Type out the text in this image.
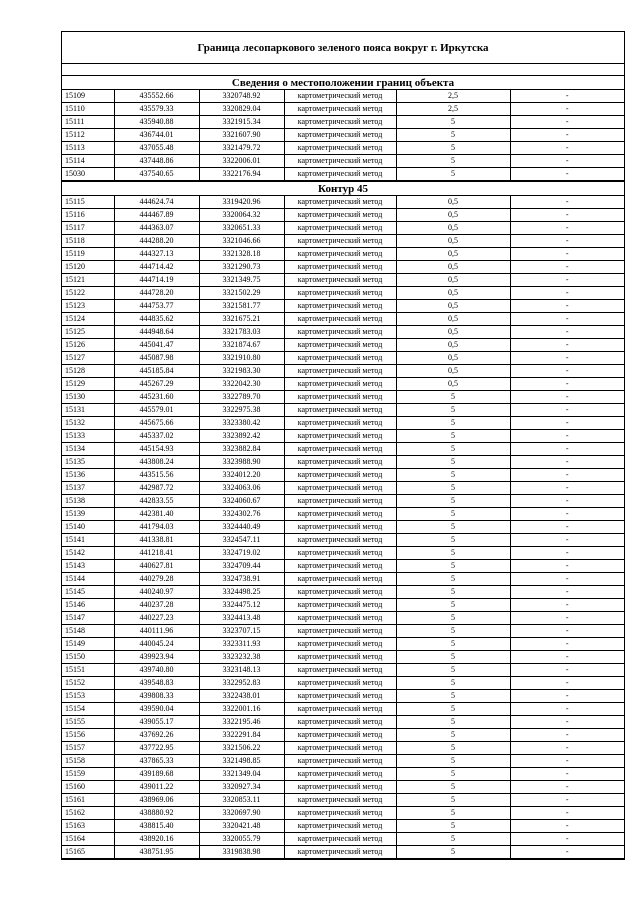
Граница лесопаркового зеленого пояса вокруг г. Иркутска
Сведения о местоположении границ объекта
15109	435552.66	3320748.92	картометрический метод	2,5	-
15110	435579.33	3320829.04	картометрический метод	2,5	-
15111	435940.88	3321915.34	картометрический метод	5	-
15112	436744.01	3321607.90	картометрический метод	5	-
15113	437055.48	3321479.72	картометрический метод	5	-
15114	437448.86	3322006.01	картометрический метод	5	-
15030	437540.65	3322176.94	картометрический метод	5	-
Контур 45
15115	444624.74	3319420.96	картометрический метод	0,5	-
15116	444467.89	3320064.32	картометрический метод	0,5	-
15117	444363.07	3320651.33	картометрический метод	0,5	-
15118	444288.20	3321046.66	картометрический метод	0,5	-
15119	444327.13	3321328.18	картометрический метод	0,5	-
15120	444714.42	3321290.73	картометрический метод	0,5	-
15121	444714.19	3321349.75	картометрический метод	0,5	-
15122	444728.20	3321502.29	картометрический метод	0,5	-
15123	444753.77	3321581.77	картометрический метод	0,5	-
15124	444835.62	3321675.21	картометрический метод	0,5	-
15125	444948.64	3321783.03	картометрический метод	0,5	-
15126	445041.47	3321874.67	картометрический метод	0,5	-
15127	445087.98	3321910.80	картометрический метод	0,5	-
15128	445185.84	3321983.30	картометрический метод	0,5	-
15129	445267.29	3322042.30	картометрический метод	0,5	-
15130	445231.60	3322789.70	картометрический метод	5	-
15131	445579.01	3322975.38	картометрический метод	5	-
15132	445675.66	3323380.42	картометрический метод	5	-
15133	445337.02	3323892.42	картометрический метод	5	-
15134	445154.93	3323882.84	картометрический метод	5	-
15135	443808.24	3323988.90	картометрический метод	5	-
15136	443515.56	3324012.20	картометрический метод	5	-
15137	442987.72	3324063.06	картометрический метод	5	-
15138	442833.55	3324060.67	картометрический метод	5	-
15139	442381.40	3324302.76	картометрический метод	5	-
15140	441794.03	3324440.49	картометрический метод	5	-
15141	441338.81	3324547.11	картометрический метод	5	-
15142	441218.41	3324719.02	картометрический метод	5	-
15143	440627.81	3324709.44	картометрический метод	5	-
15144	440279.28	3324738.91	картометрический метод	5	-
15145	440240.97	3324498.25	картометрический метод	5	-
15146	440237.28	3324475.12	картометрический метод	5	-
15147	440227.23	3324413.48	картометрический метод	5	-
15148	440111.96	3323707.15	картометрический метод	5	-
15149	440045.24	3323311.93	картометрический метод	5	-
15150	439923.94	3323232.38	картометрический метод	5	-
15151	439740.80	3323148.13	картометрический метод	5	-
15152	439548.83	3322952.83	картометрический метод	5	-
15153	439808.33	3322438.01	картометрический метод	5	-
15154	439590.04	3322001.16	картометрический метод	5	-
15155	439055.17	3322195.46	картометрический метод	5	-
15156	437692.26	3322291.84	картометрический метод	5	-
15157	437722.95	3321506.22	картометрический метод	5	-
15158	437865.33	3321498.85	картометрический метод	5	-
15159	439189.68	3321349.04	картометрический метод	5	-
15160	439011.22	3320927.34	картометрический метод	5	-
15161	438969.06	3320853.11	картометрический метод	5	-
15162	438880.92	3320697.90	картометрический метод	5	-
15163	438815.40	3320421.48	картометрический метод	5	-
15164	438920.16	3320055.79	картометрический метод	5	-
15165	438751.95	3319838.98	картометрический метод	5	-
